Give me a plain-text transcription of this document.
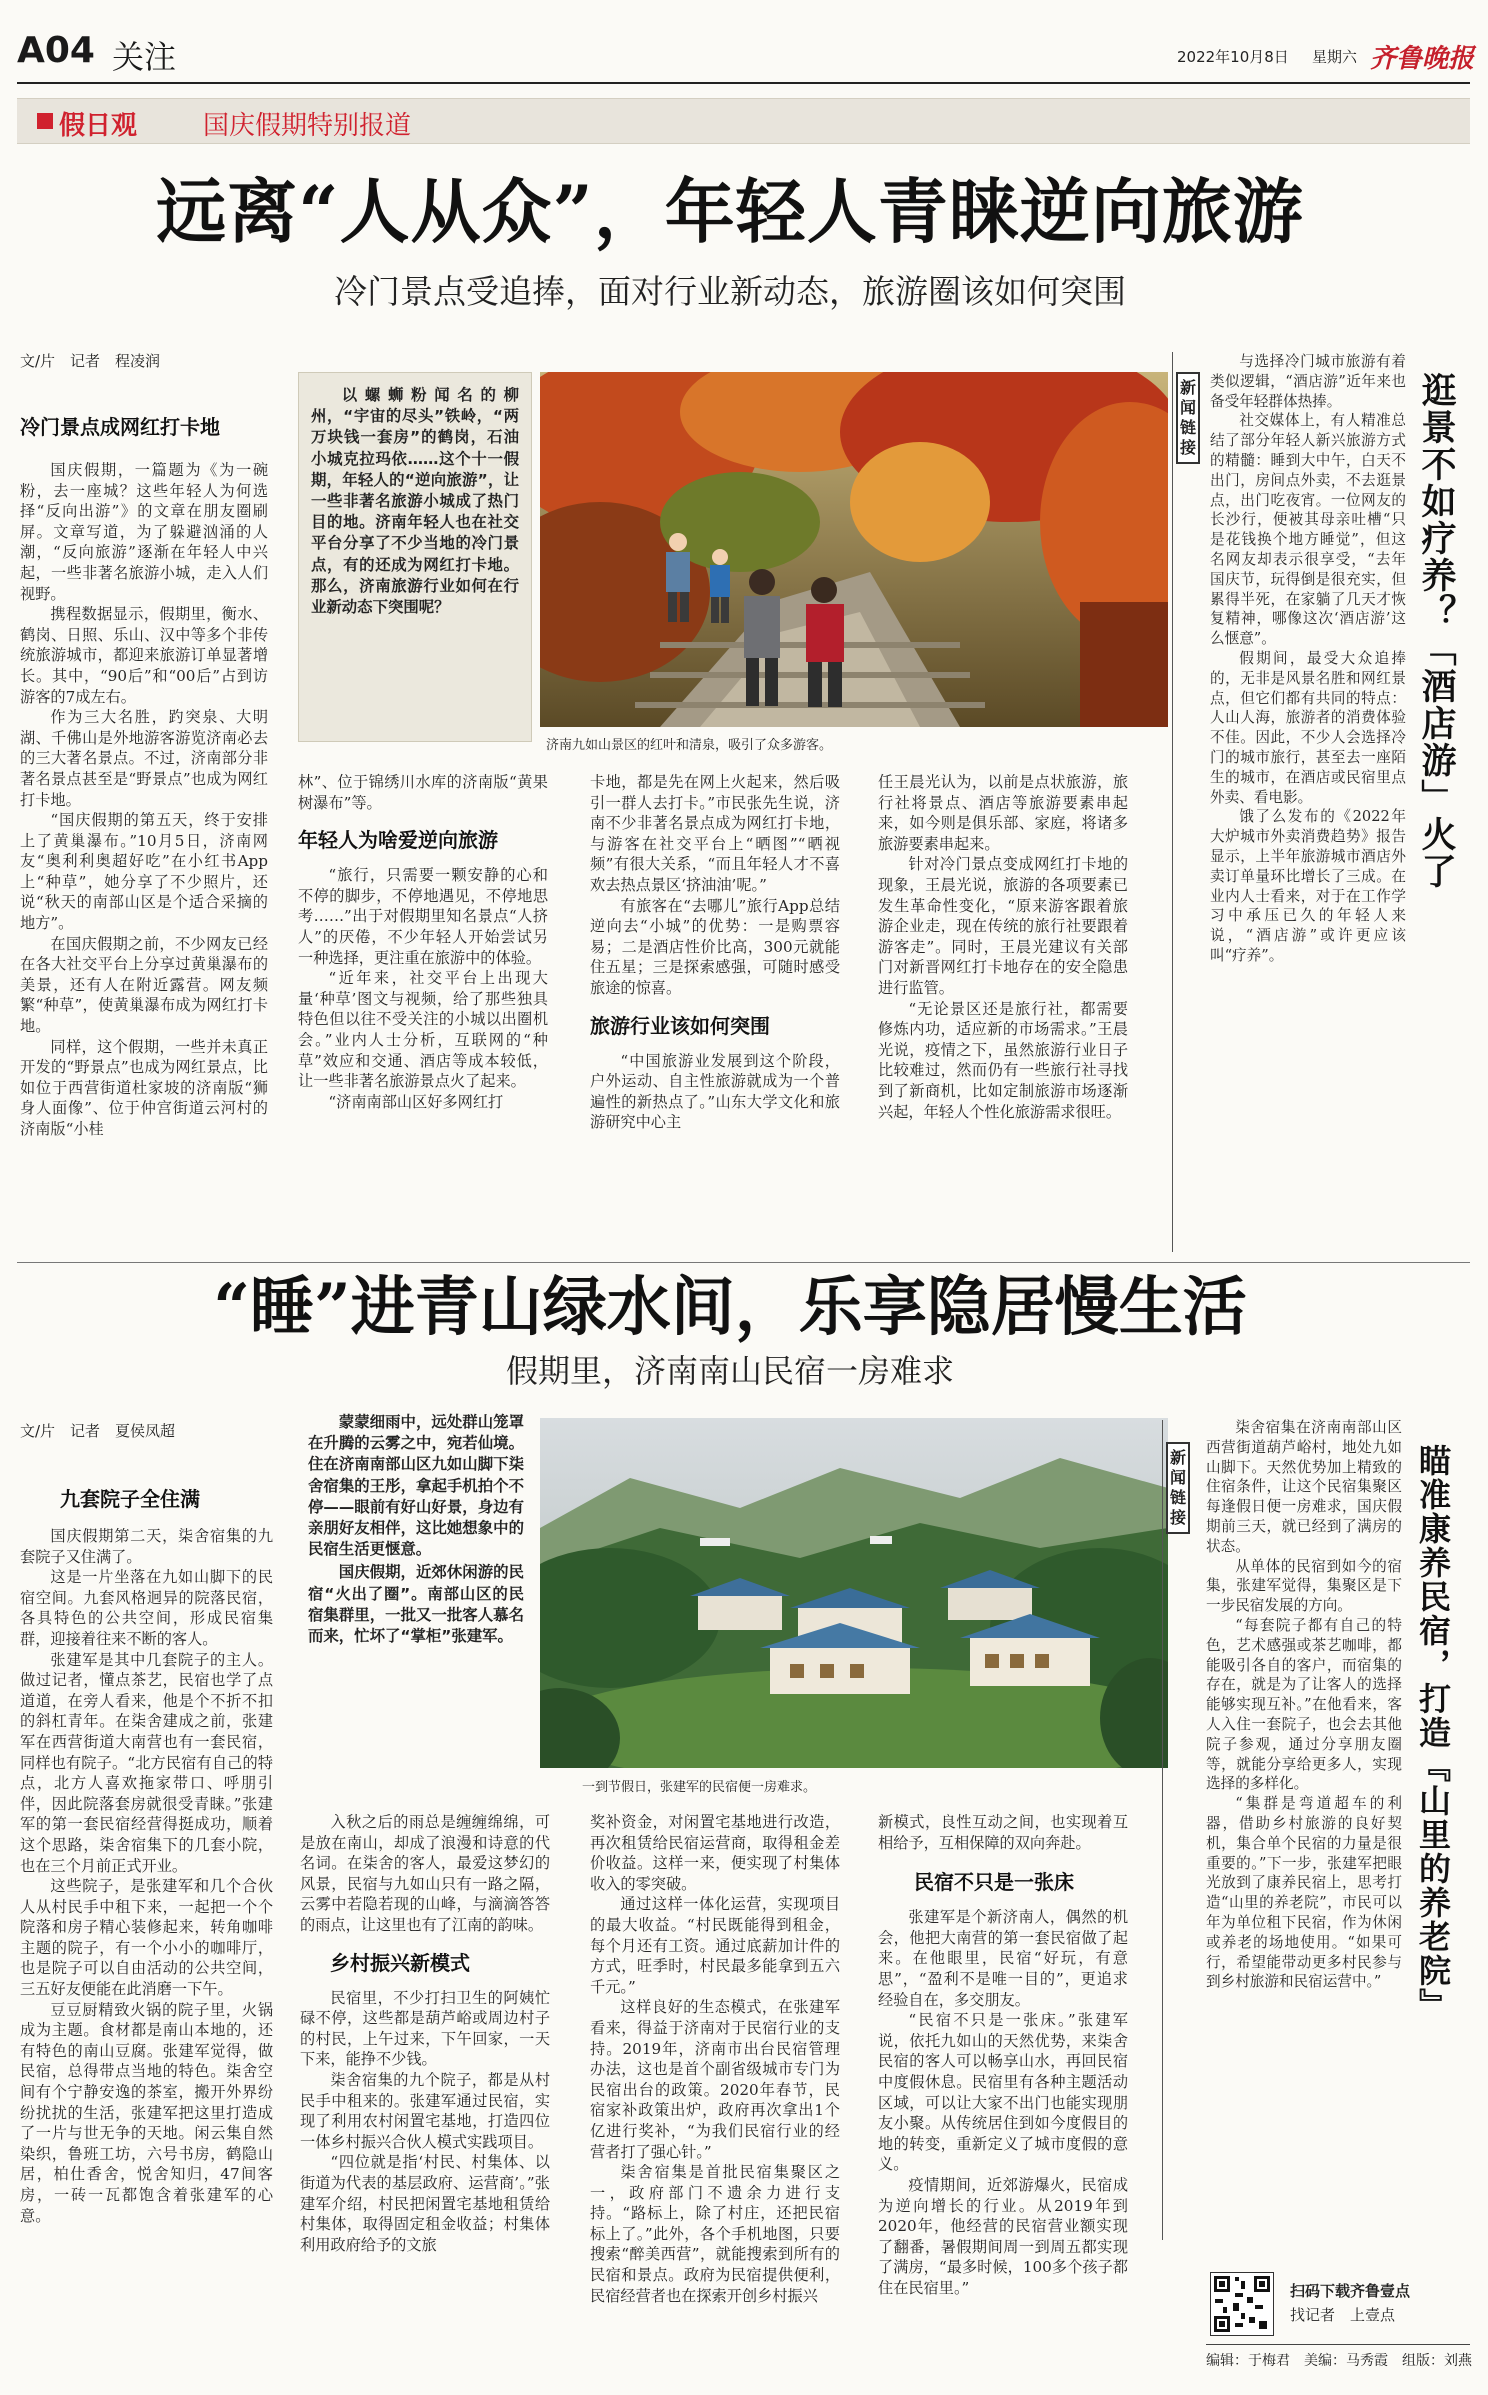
A04 关注	2022年10月8日 星期六 齐鲁晚报
假日观	国庆假期特别报道
远离“人从众”，年轻人青睐逆向旅游
冷门景点受追捧，面对行业新动态，旅游圈该如何突围
文/片　记者　程凌润
冷门景点成网红打卡地

国庆假期，一篇题为《为一碗粉，去一座城？这些年轻人为何选择“反向出游”》的文章在朋友圈刷屏。文章写道，为了躲避汹涌的人潮，“反向旅游”逐渐在年轻人中兴起，一些非著名旅游小城，走入人们视野。

携程数据显示，假期里，衡水、鹤岗、日照、乐山、汉中等多个非传统旅游城市，都迎来旅游订单显著增长。其中，“90后”和“00后”占到访游客的7成左右。

作为三大名胜，趵突泉、大明湖、千佛山是外地游客游览济南必去的三大著名景点。不过，济南部分非著名景点甚至是“野景点”也成为网红打卡地。

“国庆假期的第五天，终于安排上了黄巢瀑布。”10月5日，济南网友“奥利利奥超好吃”在小红书App上“种草”，她分享了不少照片，还说“秋天的南部山区是个适合采摘的地方”。

在国庆假期之前，不少网友已经在各大社交平台上分享过黄巢瀑布的美景，还有人在附近露营。网友频繁“种草”，使黄巢瀑布成为网红打卡地。

同样，这个假期，一些并未真正开发的“野景点”也成为网红景点，比如位于西营街道杜家坡的济南版“狮身人面像”、位于仲宫街道云河村的济南版“小桂

以螺蛳粉闻名的柳州，“宇宙的尽头”铁岭，“两万块钱一套房”的鹤岗，石油小城克拉玛依……这个十一假期，年轻人的“逆向旅游”，让一些非著名旅游小城成了热门目的地。济南年轻人也在社交平台分享了不少当地的冷门景点，有的还成为网红打卡地。那么，济南旅游行业如何在行业新动态下突围呢？
济南九如山景区的红叶和清泉，吸引了众多游客。
林”、位于锦绣川水库的济南版“黄果树瀑布”等。
年轻人为啥爱逆向旅游

“旅行，只需要一颗安静的心和不停的脚步，不停地遇见，不停地思考……”出于对假期里知名景点“人挤人”的厌倦，不少年轻人开始尝试另一种选择，更注重在旅游中的体验。

“近年来，社交平台上出现大量‘种草’图文与视频，给了那些独具特色但以往不受关注的小城以出圈机会。”业内人士分析，互联网的“种草”效应和交通、酒店等成本较低，让一些非著名旅游景点火了起来。

“济南南部山区好多网红打

卡地，都是先在网上火起来，然后吸引一群人去打卡。”市民张先生说，济南不少非著名景点成为网红打卡地，与游客在社交平台上“晒图”“晒视频”有很大关系，“而且年轻人才不喜欢去热点景区‘挤油油’呢。”

有旅客在“去哪儿”旅行App总结逆向去“小城”的优势：一是购票容易；二是酒店性价比高，300元就能住五星；三是探索感强，可随时感受旅途的惊喜。

旅游行业该如何突围

“中国旅游业发展到这个阶段，户外运动、自主性旅游就成为一个普遍性的新热点了。”山东大学文化和旅游研究中心主

任王晨光认为，以前是点状旅游，旅行社将景点、酒店等旅游要素串起来，如今则是俱乐部、家庭，将诸多旅游要素串起来。

针对冷门景点变成网红打卡地的现象，王晨光说，旅游的各项要素已发生革命性变化，“原来游客跟着旅游企业走，现在传统的旅行社要跟着游客走”。同时，王晨光建议有关部门对新晋网红打卡地存在的安全隐患进行监管。

“无论景区还是旅行社，都需要修炼内功，适应新的市场需求。”王晨光说，疫情之下，虽然旅游行业日子比较难过，然而仍有一些旅行社寻找到了新商机，比如定制旅游市场逐渐兴起，年轻人个性化旅游需求很旺。

新闻链接

与选择冷门城市旅游有着类似逻辑，“酒店游”近年来也备受年轻群体热捧。

社交媒体上，有人精准总结了部分年轻人新兴旅游方式的精髓：睡到大中午，白天不出门，房间点外卖，不去逛景点，出门吃夜宵。一位网友的长沙行，便被其母亲吐槽“只是花钱换个地方睡觉”，但这名网友却表示很享受，“去年国庆节，玩得倒是很充实，但累得半死，在家躺了几天才恢复精神，哪像这次‘酒店游’这么惬意”。

假期间，最受大众追捧的，无非是风景名胜和网红景点，但它们都有共同的特点：人山人海，旅游者的消费体验不佳。因此，不少人会选择冷门的城市旅行，甚至去一座陌生的城市，在酒店或民宿里点外卖、看电影。

饿了么发布的《2022年大炉城市外卖消费趋势》报告显示，上半年旅游城市酒店外卖订单量环比增长了三成。在业内人士看来，对于在工作学习中承压已久的年轻人来说，“酒店游”或许更应该叫“疗养”。

逛景不如疗养？「酒店游」火了
“睡”进青山绿水间，乐享隐居慢生活
假期里，济南南山民宿一房难求
文/片　记者　夏侯凤超
九套院子全住满

国庆假期第二天，柒舍宿集的九套院子又住满了。

这是一片坐落在九如山脚下的民宿空间。九套风格迥异的院落民宿，各具特色的公共空间，形成民宿集群，迎接着往来不断的客人。

张建军是其中几套院子的主人。做过记者，懂点茶艺，民宿也学了点道道，在旁人看来，他是个不折不扣的斜杠青年。在柒舍建成之前，张建军在西营街道大南营也有一套民宿，同样也有院子。“北方民宿有自己的特点，北方人喜欢拖家带口、呼朋引伴，因此院落套房就很受青睐。”张建军的第一套民宿经营得挺成功，顺着这个思路，柒舍宿集下的几套小院，也在三个月前正式开业。

这些院子，是张建军和几个合伙人从村民手中租下来，一起把一个个院落和房子精心装修起来，转角咖啡主题的院子，有一个小小的咖啡厅，也是院子可以自由活动的公共空间，三五好友便能在此消磨一下午。

豆豆厨精致火锅的院子里，火锅成为主题。食材都是南山本地的，还有特色的南山豆腐。张建军觉得，做民宿，总得带点当地的特色。柒舍空间有个宁静安逸的茶室，搬开外界纷纷扰扰的生活，张建军把这里打造成了一片与世无争的天地。闲云集自然染织，鲁班工坊，六号书房，鹤隐山居，柏仕香舍，悦舍知归，47间客房，一砖一瓦都饱含着张建军的心意。

蒙蒙细雨中，远处群山笼罩在升腾的云雾之中，宛若仙境。住在济南南部山区九如山脚下柒舍宿集的王彤，拿起手机拍个不停——眼前有好山好景，身边有亲朋好友相伴，这比她想象中的民宿生活更惬意。
国庆假期，近郊休闲游的民宿“火出了圈”。南部山区的民宿集群里，一批又一批客人慕名而来，忙坏了“掌柜”张建军。
一到节假日，张建军的民宿便一房难求。

入秋之后的雨总是缠缠绵绵，可是放在南山，却成了浪漫和诗意的代名词。在柒舍的客人，最爱这梦幻的风景，民宿与九如山只有一路之隔，云雾中若隐若现的山峰，与滴滴答答的雨点，让这里也有了江南的韵味。

乡村振兴新模式

民宿里，不少打扫卫生的阿姨忙碌不停，这些都是葫芦峪或周边村子的村民，上午过来，下午回家，一天下来，能挣不少钱。

柒舍宿集的九个院子，都是从村民手中租来的。张建军通过民宿，实现了利用农村闲置宅基地，打造四位一体乡村振兴合伙人模式实践项目。

“四位就是指‘村民、村集体、以街道为代表的基层政府、运营商’。”张建军介绍，村民把闲置宅基地租赁给村集体，取得固定租金收益；村集体利用政府给予的文旅

奖补资金，对闲置宅基地进行改造，再次租赁给民宿运营商，取得租金差价收益。这样一来，便实现了村集体收入的零突破。

通过这样一体化运营，实现项目的最大收益。“村民既能得到租金，每个月还有工资。通过底薪加计件的方式，旺季时，村民最多能拿到五六千元。”

这样良好的生态模式，在张建军看来，得益于济南对于民宿行业的支持。2019年，济南市出台民宿管理办法，这也是首个副省级城市专门为民宿出台的政策。2020年春节，民宿家补政策出炉，政府再次拿出1个亿进行奖补，“为我们民宿行业的经营者打了强心针。”

柒舍宿集是首批民宿集聚区之一，政府部门不遗余力进行支持。“路标上，除了村庄，还把民宿标上了。”此外，各个手机地图，只要搜索“醉美西营”，就能搜索到所有的民宿和景点。政府为民宿提供便利，民宿经营者也在探索开创乡村振兴

新模式，良性互动之间，也实现着互相给予，互相保障的双向奔赴。
民宿不只是一张床

张建军是个新济南人，偶然的机会，他把大南营的第一套民宿做了起来。在他眼里，民宿“好玩，有意思”，“盈利不是唯一目的”，更追求经验自在，多交朋友。

“民宿不只是一张床。”张建军说，依托九如山的天然优势，来柒舍民宿的客人可以畅享山水，再回民宿中度假休息。民宿里有各种主题活动区域，可以让大家不出门也能实现朋友小聚。从传统居住到如今度假目的地的转变，重新定义了城市度假的意义。

疫情期间，近郊游爆火，民宿成为逆向增长的行业。从2019年到2020年，他经营的民宿营业额实现了翻番，暑假期间周一到周五都实现了满房，“最多时候，100多个孩子都住在民宿里。”

新闻链接

柒舍宿集在济南南部山区西营街道葫芦峪村，地处九如山脚下。天然优势加上精致的住宿条件，让这个民宿集聚区每逢假日便一房难求，国庆假期前三天，就已经到了满房的状态。

从单体的民宿到如今的宿集，张建军觉得，集聚区是下一步民宿发展的方向。

“每套院子都有自己的特色，艺术感强或茶艺咖啡，都能吸引各自的客户，而宿集的存在，就是为了让客人的选择能够实现互补。”在他看来，客人入住一套院子，也会去其他院子参观，通过分享朋友圈等，就能分享给更多人，实现选择的多样化。

“集群是弯道超车的利器，借助乡村旅游的良好契机，集合单个民宿的力量是很重要的。”下一步，张建军把眼光放到了康养民宿上，思考打造“山里的养老院”，市民可以年为单位租下民宿，作为休闲或养老的场地使用。“如果可行，希望能带动更多村民参与到乡村旅游和民宿运营中。”	瞄准康养民宿，打造『山里的养老院』
扫码下载齐鲁壹点
找记者　上壹点
编辑：于梅君　美编：马秀霞　组版：刘燕
